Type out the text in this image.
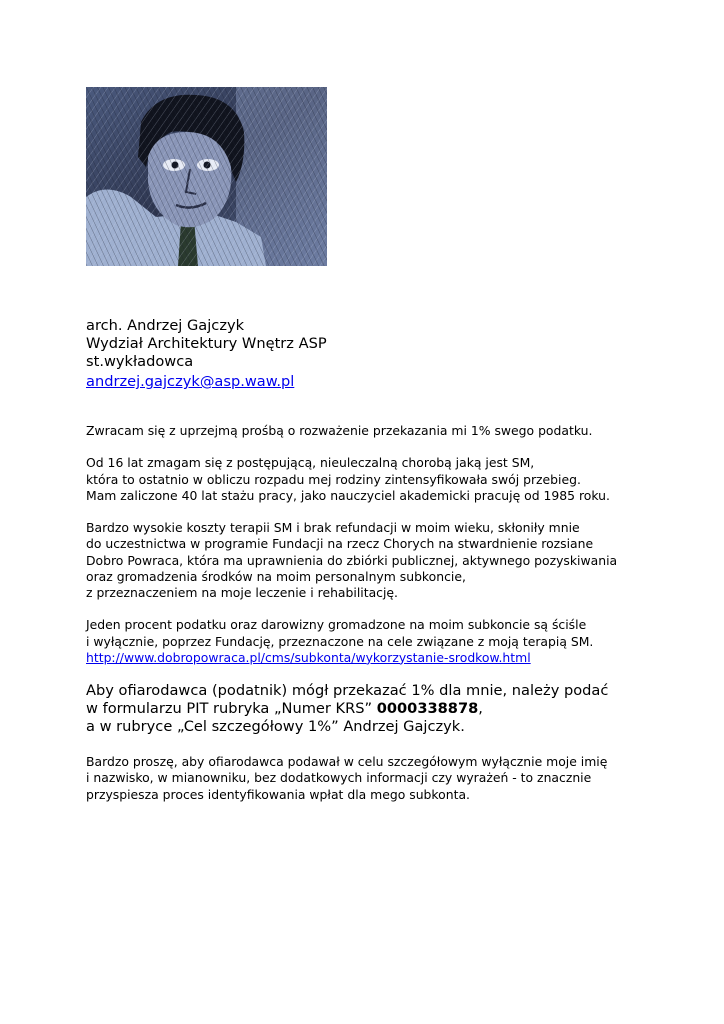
arch. Andrzej Gajczyk
Wydział Architektury Wnętrz ASP
st.wykładowca
andrzej.gajczyk@asp.waw.pl
Zwracam się z uprzejmą prośbą o rozważenie przekazania mi 1% swego podatku.
Od 16 lat zmagam się z postępującą, nieuleczalną chorobą jaką jest SM,
która to ostatnio w obliczu rozpadu mej rodziny zintensyfikowała swój przebieg.
Mam zaliczone 40 lat stażu pracy, jako nauczyciel akademicki pracuję od 1985 roku.
Bardzo wysokie koszty terapii SM i brak refundacji w moim wieku, skłoniły mnie
do uczestnictwa w programie Fundacji na rzecz Chorych na stwardnienie rozsiane
Dobro Powraca, która ma uprawnienia do zbiórki publicznej, aktywnego pozyskiwania
oraz gromadzenia środków na moim personalnym subkoncie,
z przeznaczeniem na moje leczenie i rehabilitację.
Jeden procent podatku oraz darowizny gromadzone na moim subkoncie są ściśle
i wyłącznie, poprzez Fundację, przeznaczone na cele związane z moją terapią SM.
http://www.dobropowraca.pl/cms/subkonta/wykorzystanie-srodkow.html
Aby ofiarodawca (podatnik) mógł przekazać 1% dla mnie, należy podać
w formularzu PIT rubryka „Numer KRS” 0000338878,
a w rubryce „Cel szczegółowy 1%” Andrzej Gajczyk.
Bardzo proszę, aby ofiarodawca podawał w celu szczegółowym wyłącznie moje imię
i nazwisko, w mianowniku, bez dodatkowych informacji czy wyrażeń - to znacznie
przyspiesza proces identyfikowania wpłat dla mego subkonta.
